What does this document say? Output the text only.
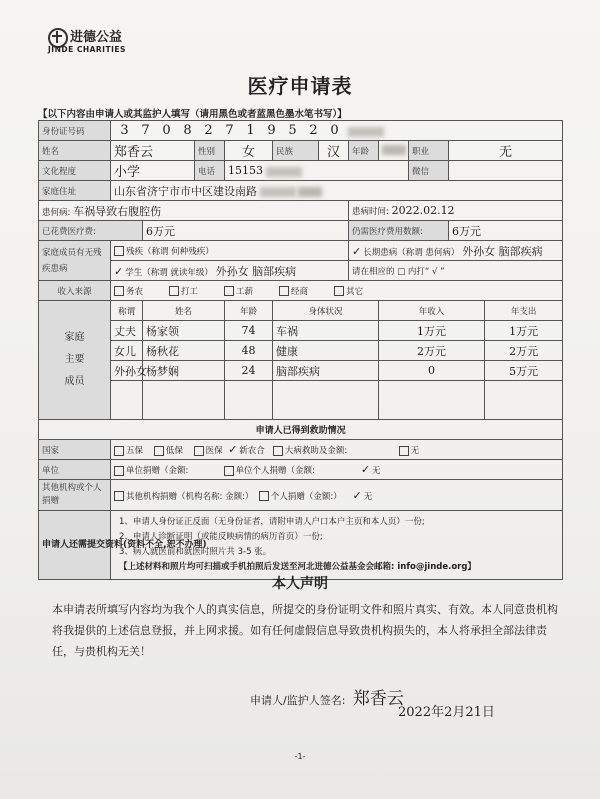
进德公益
JINDE CHARITIES
医疗申请表
【以下内容由申请人或其监护人填写（请用黑色或者蓝黑色墨水笔书写）】
身份证号码	3 7 0 8 2 7 1 9 5 2 0										
姓名	郑香云		性别	女	民族	汉	年龄		职业	无	
文化程度	小学		电话	15153					微信		
家庭住址	山东省济宁市市中区建设南路										
患何病: 车祸导致右腹腔伤							患病时间: 2022.02.12				
已花费医疗费:		6万元					仍需医疗费用数额:			6万元	
家庭成员有无残疾患病	残疾（称谓 何种残疾）						✓ 长期患病（称谓 患何病） 外孙女 脑部疾病				
	✓ 学生（称谓 就读年级） 外孙女 脑部疾病						请在相应的 □ 内打“ √ ”				
收入来源	务农 打工 工薪 经商 其它										
家庭
主要
成员	称谓	姓名		年龄	身体状况			年收入			年支出
	丈夫	杨家领		74	车祸			1万元			1万元
	女儿	杨秋花		48	健康			2万元			2万元
	外孙女	杨梦娴		24	脑部疾病			0			5万元

申请人已得到救助情况											
国家	五保 低保 医保 ✓ 新农合 大病救助及金额: 无										
单位	单位捐赠（金额: 单位个人捐赠（金额: ✓ 无										
其他机构或个人捐赠	其他机构捐赠（机构名称: 金额:） 个人捐赠（金额:） ✓ 无										
申请人还需提交资料(资料不全,恕不办理)	1、申请人身份证正反面（无身份证者，请附申请人户口本户主页和本人页）一份;
2、申请人诊断证明（或能反映病情的病历首页）一份;
3、病人就医前和就医时照片共 3-5 张。
【上述材料和照片均可扫描或手机拍照后发送至河北进德公益基金会邮箱: info@jinde.org】										
本人声明
本申请表所填写内容均为我个人的真实信息，所提交的身份证明文件和照片真实、有效。本人同意贵机构将我提供的上述信息登报，并上网求援。如有任何虚假信息导致贵机构损失的，本人将承担全部法律责任，与贵机构无关！
申请人/监护人签名: 郑香云
2022年2月21日
-1-
